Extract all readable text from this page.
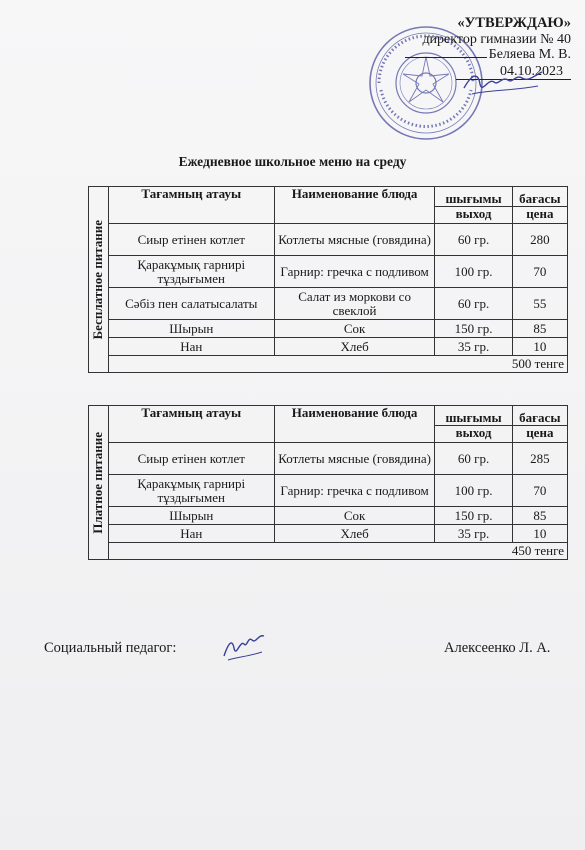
«УТВЕРЖДАЮ»
директор гимназии № 40
Беляева М. В.
04.10.2023
Ежедневное школьное меню на среду
Бесплатное питание	Тағамның атауы	Наименование блюда	шығымы	бағасы
			выход	цена
	Сиыр етінен котлет	Котлеты мясные (говядина)	60 гр.	280
	Қаракұмық гарнирі тұздығымен	Гарнир: гречка с подливом	100 гр.	70
	Сәбіз пен салатысалаты	Салат из моркови со свеклой	60 гр.	55
	Шырын	Сок	150 гр.	85
	Нан	Хлеб	35 гр.	10
	500 тенге			
Платное питание	Тағамның атауы	Наименование блюда	шығымы	бағасы
			выход	цена
	Сиыр етінен котлет	Котлеты мясные (говядина)	60 гр.	285
	Қаракұмық гарнирі тұздығымен	Гарнир: гречка с подливом	100 гр.	70
	Шырын	Сок	150 гр.	85
	Нан	Хлеб	35 гр.	10
	450 тенге			
Социальный педагог:	Алексеенко Л. А.
